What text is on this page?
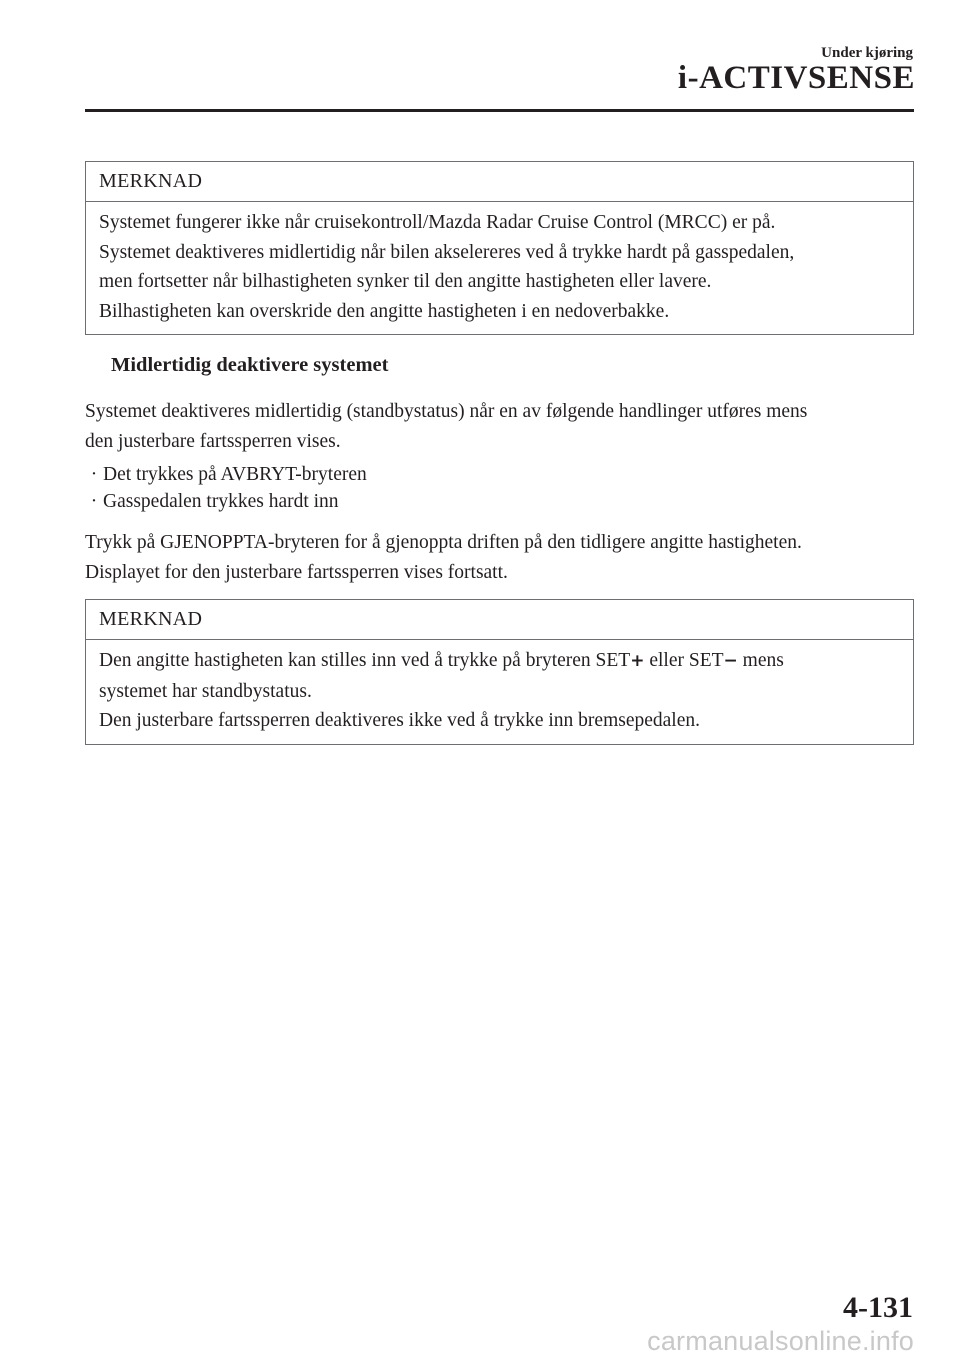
Under kjøring
i-ACTIVSENSE
MERKNAD
Systemet fungerer ikke når cruisekontroll/Mazda Radar Cruise Control (MRCC) er på.
Systemet deaktiveres midlertidig når bilen akselereres ved å trykke hardt på gasspedalen,
men fortsetter når bilhastigheten synker til den angitte hastigheten eller lavere.
Bilhastigheten kan overskride den angitte hastigheten i en nedoverbakke.
Midlertidig deaktivere systemet
Systemet deaktiveres midlertidig (standbystatus) når en av følgende handlinger utføres mens
den justerbare fartssperren vises.
· Det trykkes på AVBRYT-bryteren
· Gasspedalen trykkes hardt inn
Trykk på GJENOPPTA-bryteren for å gjenoppta driften på den tidligere angitte hastigheten.
Displayet for den justerbare fartssperren vises fortsatt.
MERKNAD
Den angitte hastigheten kan stilles inn ved å trykke på bryteren SET+ eller SET− mens
systemet har standbystatus.
Den justerbare fartssperren deaktiveres ikke ved å trykke inn bremsepedalen.
4-131
carmanualsonline.info
